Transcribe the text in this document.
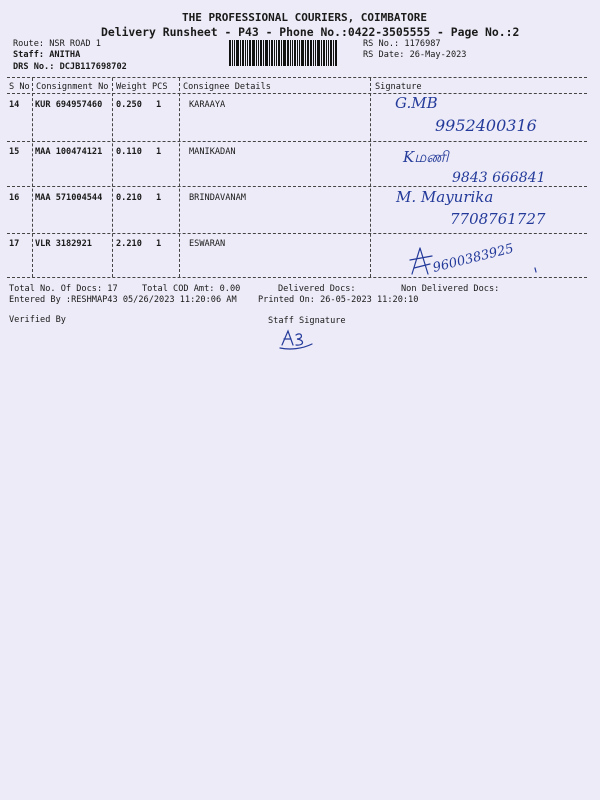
THE PROFESSIONAL COURIERS, COIMBATORE
Delivery Runsheet - P43 - Phone No.:0422-3505555 - Page No.:2
Route: NSR ROAD 1
Staff: ANITHA
DRS No.: DCJB117698702
RS No.: 1176987
RS Date: 26-May-2023
S No Consignment No Weight PCS Consignee Details	Signature
14 KUR 694957460 0.250 1	KARAAYA	G.MB
9952400316
15 MAA 100474121 0.110 1	MANIKADAN	Kமணி
9843 666841
16 MAA 571004544 0.210 1	BRINDAVANAM	M. Mayurika
7708761727
17 VLR 3182921	2.210 1	ESWARAN	9600383925
Total No. Of Docs: 17	Total COD Amt: 0.00	Delivered Docs:	Non Delivered Docs:
Entered By :RESHMAP43 05/26/2023 11:20:06 AM Printed On: 26-05-2023 11:20:10
Verified By	Staff Signature
